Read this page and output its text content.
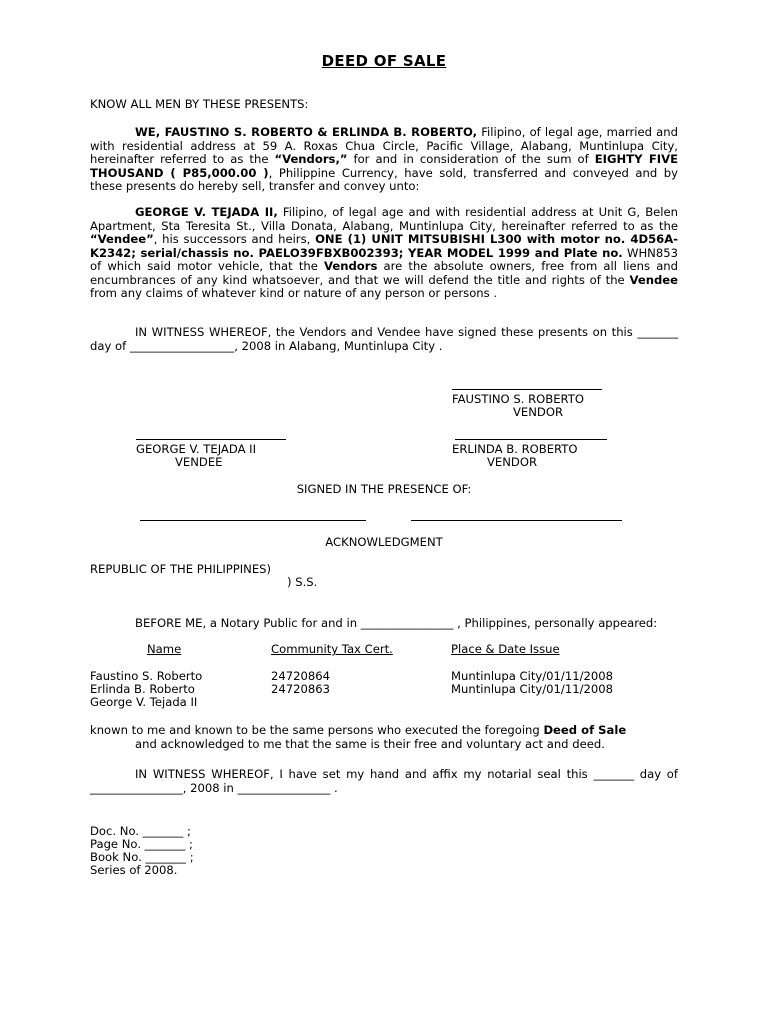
DEED OF SALE
KNOW ALL MEN BY THESE PRESENTS:
WE, FAUSTINO S. ROBERTO & ERLINDA B. ROBERTO, Filipino, of legal age, married and with residential address at 59 A. Roxas Chua Circle, Pacific Village, Alabang, Muntinlupa City, hereinafter referred to as the “Vendors,” for and in consideration of the sum of EIGHTY FIVE THOUSAND ( P85,000.00 ), Philippine Currency, have sold, transferred and conveyed and by these presents do hereby sell, transfer and convey unto:
GEORGE V. TEJADA II, Filipino, of legal age and with residential address at Unit G, Belen Apartment, Sta Teresita St., Villa Donata, Alabang, Muntinlupa City, hereinafter referred to as the “Vendee”, his successors and heirs, ONE (1) UNIT MITSUBISHI L300 with motor no. 4D56A-K2342; serial/chassis no. PAELO39FBXB002393; YEAR MODEL 1999 and Plate no. WHN853 of which said motor vehicle, that the Vendors are the absolute owners, free from all liens and encumbrances of any kind whatsoever, and that we will defend the title and rights of the Vendee from any claims of whatever kind or nature of any person or persons .
IN WITNESS WHEREOF, the Vendors and Vendee have signed these presents on this _______ day of __________________, 2008 in Alabang, Muntinlupa City .
FAUSTINO S. ROBERTO
VENDOR
GEORGE V. TEJADA II
VENDEE
ERLINDA B. ROBERTO
VENDOR
SIGNED IN THE PRESENCE OF:
ACKNOWLEDGMENT
REPUBLIC OF THE PHILIPPINES)
) S.S.
BEFORE ME, a Notary Public for and in ________________ , Philippines, personally appeared:
Name	Community Tax Cert.	Place & Date Issue
Faustino S. Roberto	24720864	Muntinlupa City/01/11/2008
Erlinda B. Roberto	24720863	Muntinlupa City/01/11/2008
George V. Tejada II
known to me and known to be the same persons who executed the foregoing Deed of Sale
and acknowledged to me that the same is their free and voluntary act and deed.
IN WITNESS WHEREOF, I have set my hand and affix my notarial seal this _______ day of ________________, 2008 in ________________ .
Doc. No. _______ ;
Page No. _______ ;
Book No. _______ ;
Series of 2008.
